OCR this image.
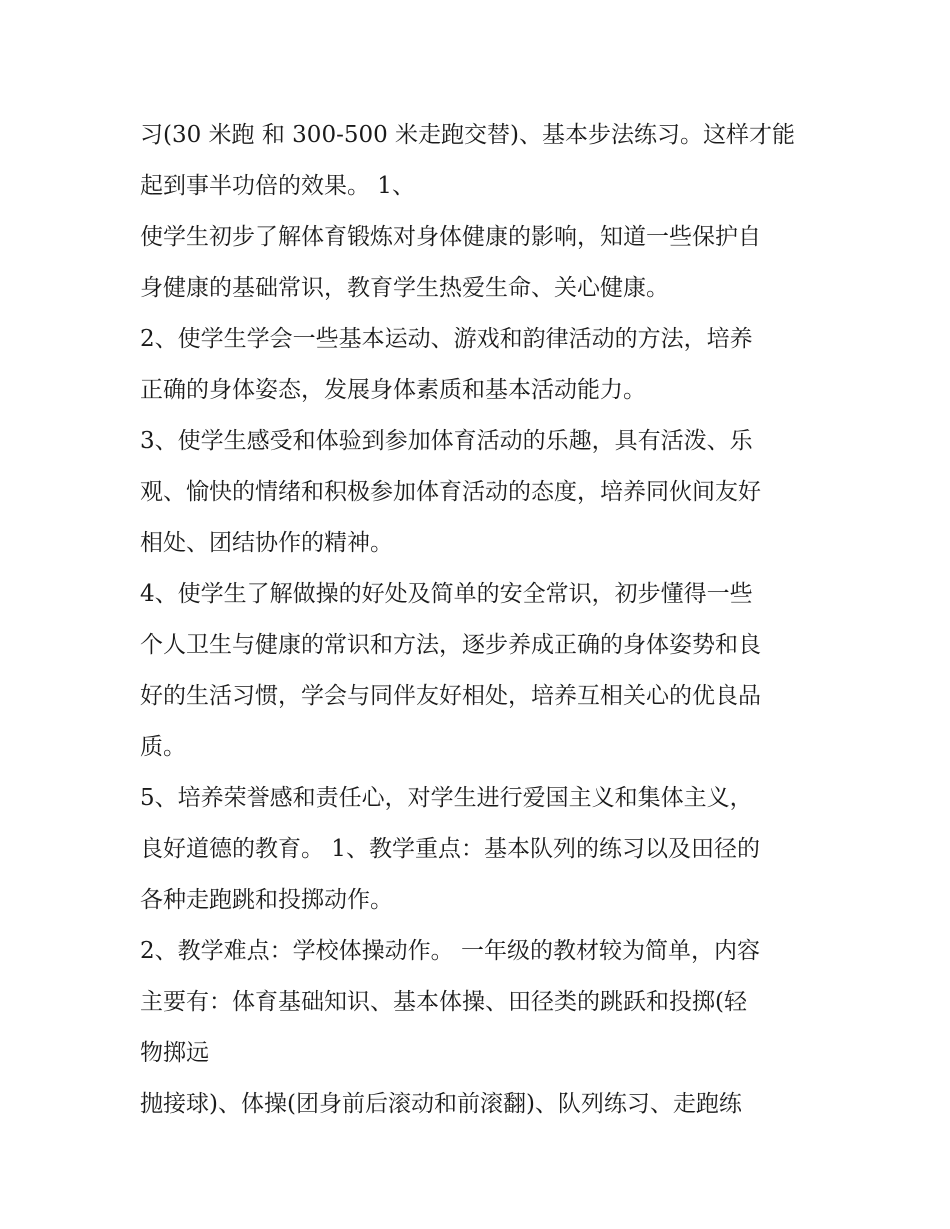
习(30 米跑 和 300-500 米走跑交替)、基本步法练习。这样才能
起到事半功倍的效果。 1、
使学生初步了解体育锻炼对身体健康的影响，知道一些保护自
身健康的基础常识，教育学生热爱生命、关心健康。
2、使学生学会一些基本运动、游戏和韵律活动的方法，培养
正确的身体姿态，发展身体素质和基本活动能力。
3、使学生感受和体验到参加体育活动的乐趣，具有活泼、乐
观、愉快的情绪和积极参加体育活动的态度，培养同伙间友好
相处、团结协作的精神。
4、使学生了解做操的好处及简单的安全常识，初步懂得一些
个人卫生与健康的常识和方法，逐步养成正确的身体姿势和良
好的生活习惯，学会与同伴友好相处，培养互相关心的优良品
质。
5、培养荣誉感和责任心，对学生进行爱国主义和集体主义，
良好道德的教育。 1、教学重点：基本队列的练习以及田径的
各种走跑跳和投掷动作。
2、教学难点：学校体操动作。 一年级的教材较为简单，内容
主要有：体育基础知识、基本体操、田径类的跳跃和投掷(轻
物掷远
抛接球)、体操(团身前后滚动和前滚翻)、队列练习、走跑练
